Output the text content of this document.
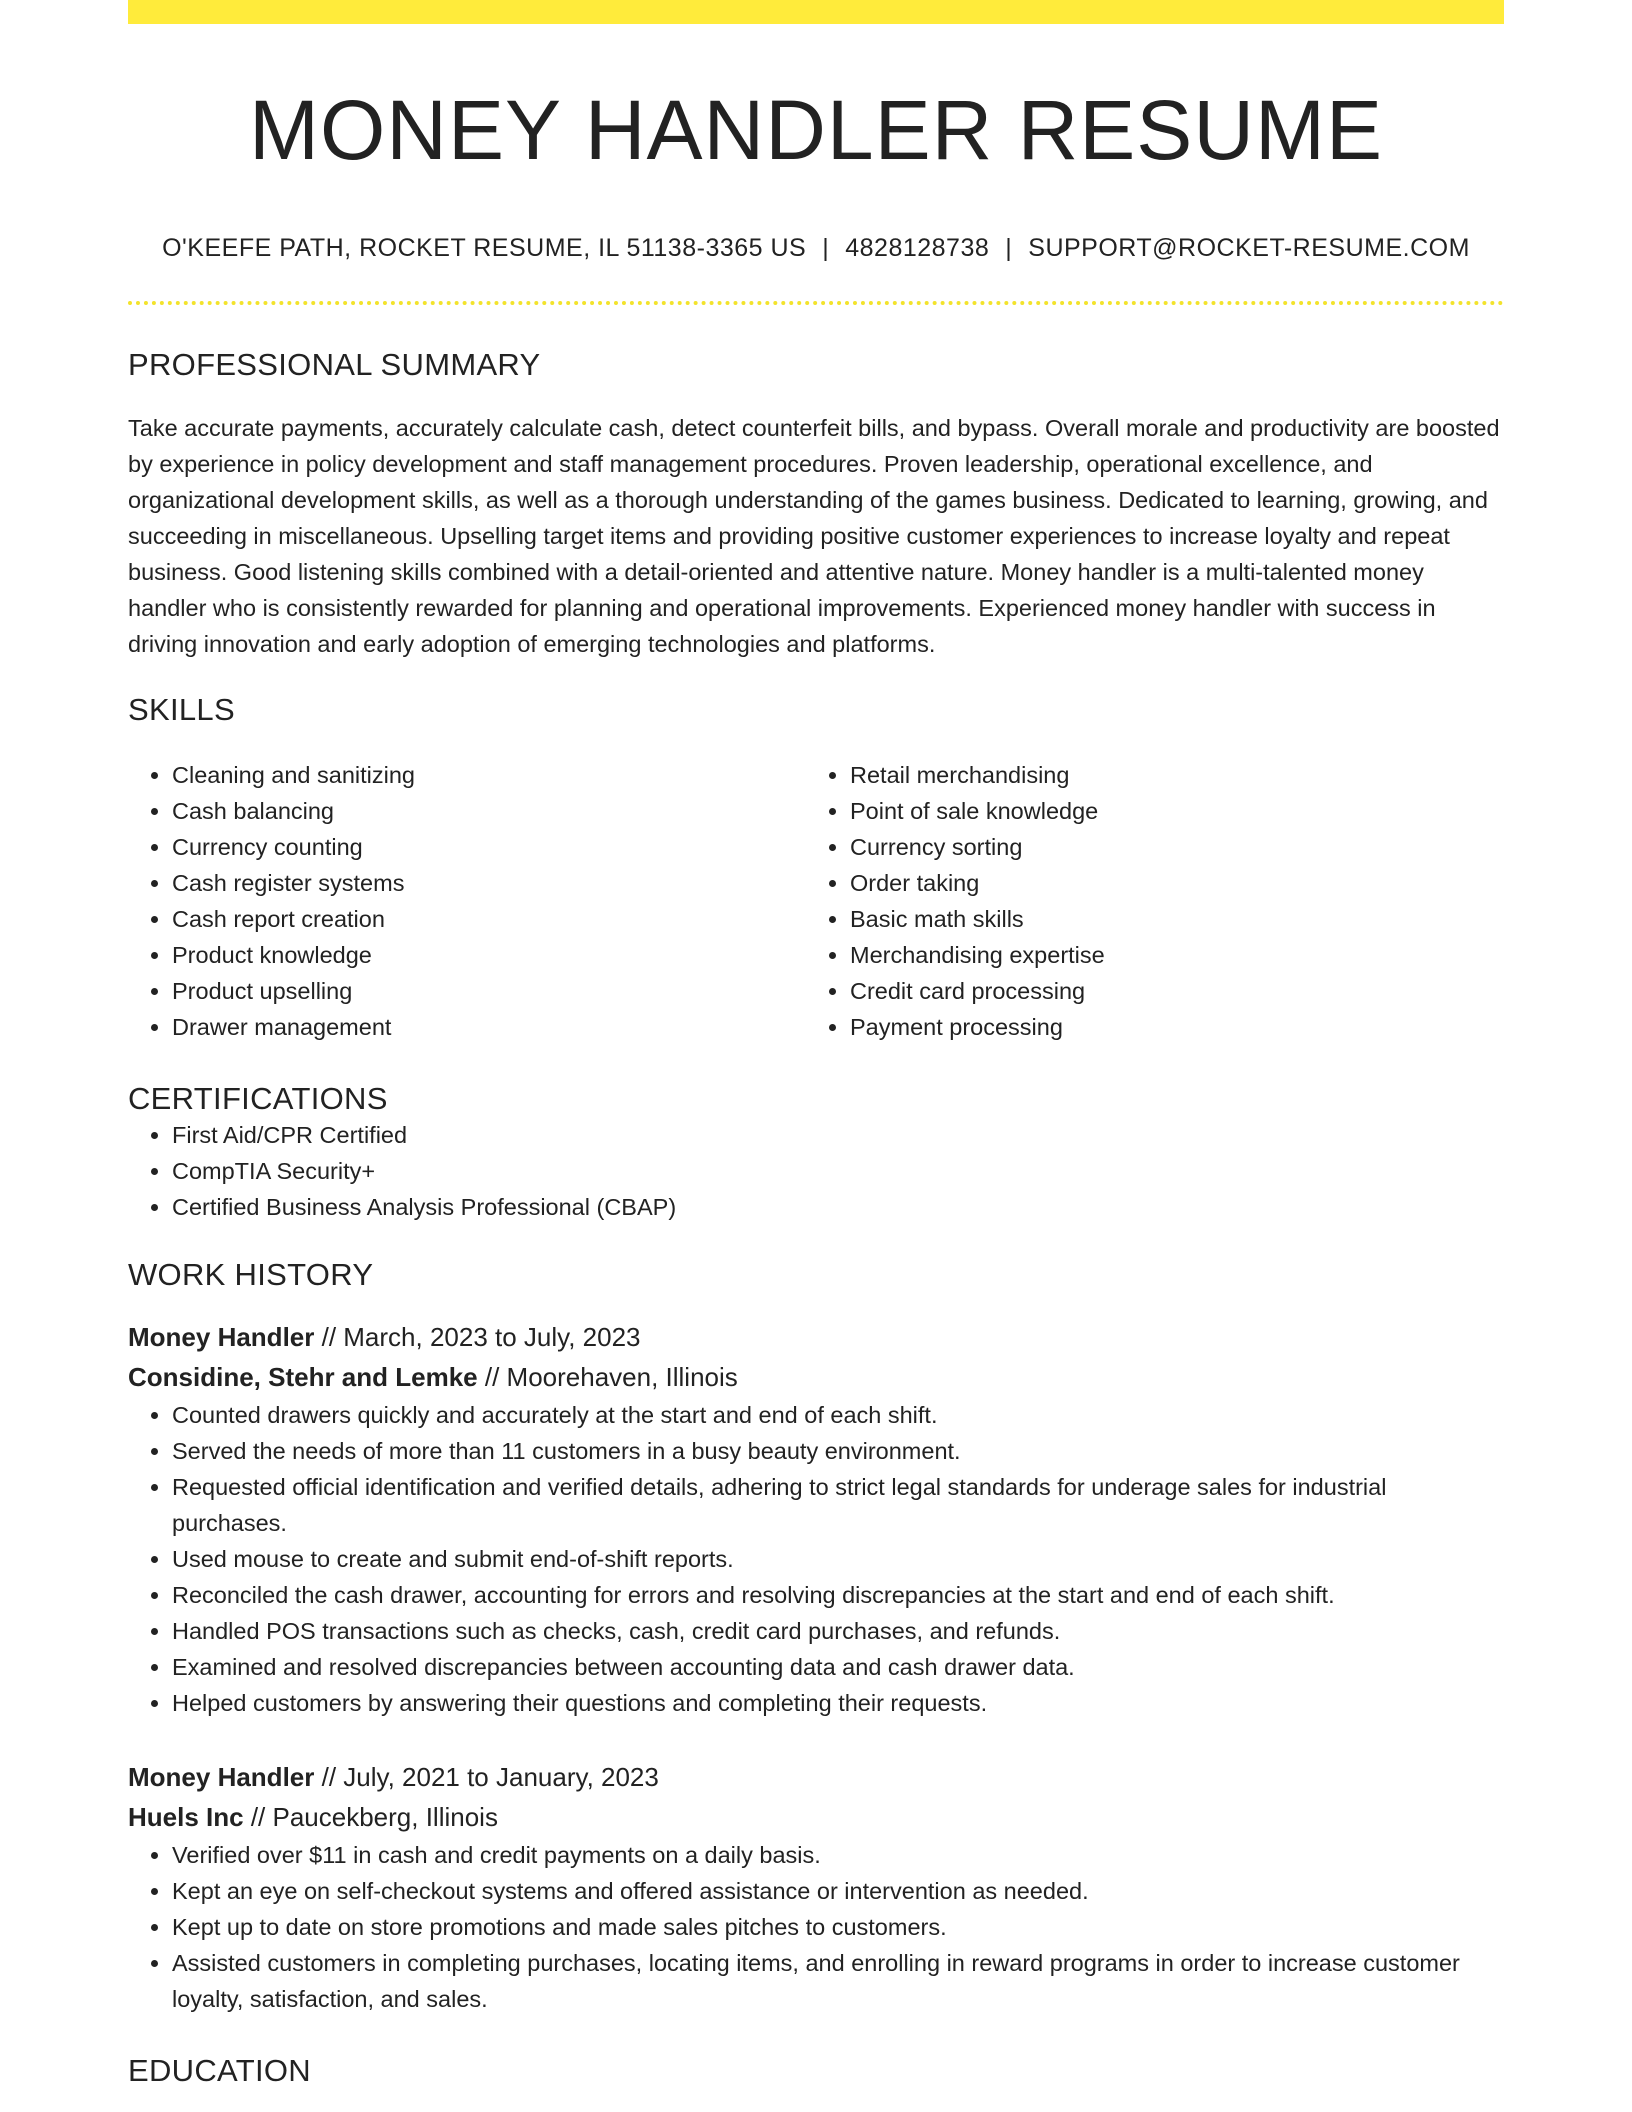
MONEY HANDLER RESUME
O'KEEFE PATH, ROCKET RESUME, IL 51138-3365 US | 4828128738 | SUPPORT@ROCKET-RESUME.COM
PROFESSIONAL SUMMARY
Take accurate payments, accurately calculate cash, detect counterfeit bills, and bypass. Overall morale and productivity are boosted by experience in policy development and staff management procedures. Proven leadership, operational excellence, and organizational development skills, as well as a thorough understanding of the games business. Dedicated to learning, growing, and succeeding in miscellaneous. Upselling target items and providing positive customer experiences to increase loyalty and repeat business. Good listening skills combined with a detail-oriented and attentive nature. Money handler is a multi-talented money handler who is consistently rewarded for planning and operational improvements. Experienced money handler with success in driving innovation and early adoption of emerging technologies and platforms.
SKILLS
• Cleaning and sanitizing
• Cash balancing
• Currency counting
• Cash register systems
• Cash report creation
• Product knowledge
• Product upselling
• Drawer management
• Retail merchandising
• Point of sale knowledge
• Currency sorting
• Order taking
• Basic math skills
• Merchandising expertise
• Credit card processing
• Payment processing
CERTIFICATIONS
• First Aid/CPR Certified
• CompTIA Security+
• Certified Business Analysis Professional (CBAP)
WORK HISTORY
Money Handler // March, 2023 to July, 2023
Considine, Stehr and Lemke // Moorehaven, Illinois
• Counted drawers quickly and accurately at the start and end of each shift.
• Served the needs of more than 11 customers in a busy beauty environment.
• Requested official identification and verified details, adhering to strict legal standards for underage sales for industrial purchases.
• Used mouse to create and submit end-of-shift reports.
• Reconciled the cash drawer, accounting for errors and resolving discrepancies at the start and end of each shift.
• Handled POS transactions such as checks, cash, credit card purchases, and refunds.
• Examined and resolved discrepancies between accounting data and cash drawer data.
• Helped customers by answering their questions and completing their requests.
Money Handler // July, 2021 to January, 2023
Huels Inc // Paucekberg, Illinois
• Verified over $11 in cash and credit payments on a daily basis.
• Kept an eye on self-checkout systems and offered assistance or intervention as needed.
• Kept up to date on store promotions and made sales pitches to customers.
• Assisted customers in completing purchases, locating items, and enrolling in reward programs in order to increase customer loyalty, satisfaction, and sales.
EDUCATION
